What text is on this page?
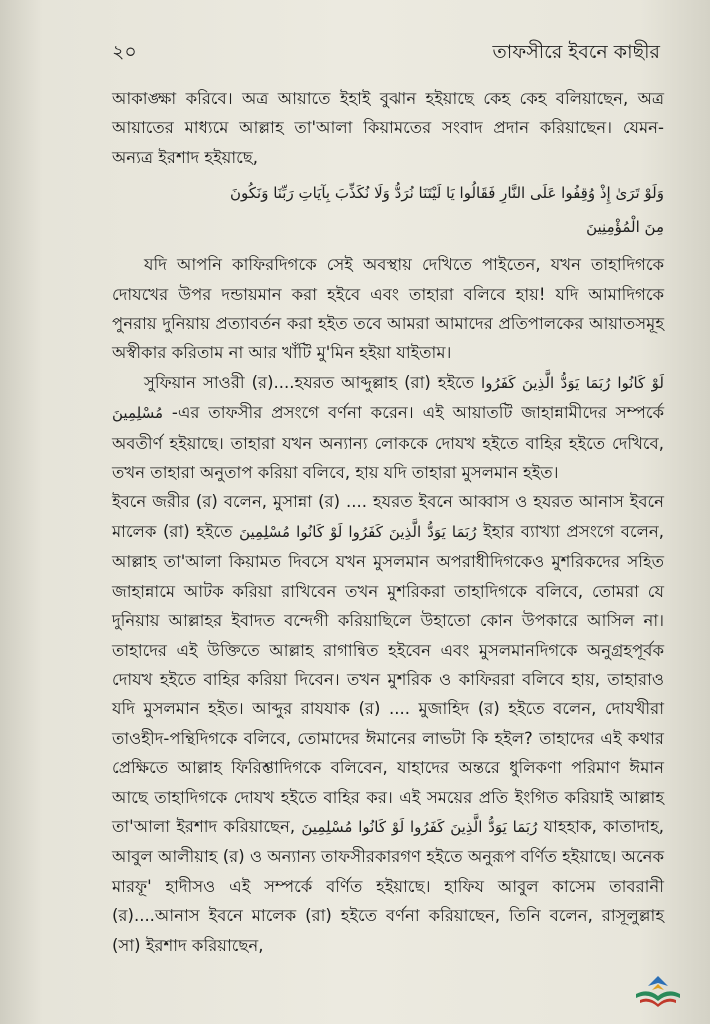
২০	তাফসীরে ইবনে কাছীর

আকাঙ্ক্ষা করিবে। অত্র আয়াতে ইহাই বুঝান হইয়াছে কেহ কেহ বলিয়াছেন, অত্র আয়াতের মাধ্যমে আল্লাহ তা'আলা কিয়ামতের সংবাদ প্রদান করিয়াছেন। যেমন- অন্যত্র ইরশাদ হইয়াছে,

وَلَوْ تَرَىٰ إِذْ وُقِفُوا عَلَى النَّارِ فَقَالُوا يَا لَيْتَنَا نُرَدُّ وَلَا نُكَذِّبَ بِآيَاتِ رَبِّنَا وَنَكُونَ
مِنَ الْمُؤْمِنِينَ

যদি আপনি কাফিরদিগকে সেই অবস্থায় দেখিতে পাইতেন, যখন তাহাদিগকে দোযখের উপর দন্ডায়মান করা হইবে এবং তাহারা বলিবে হায়! যদি আমাদিগকে পুনরায় দুনিয়ায় প্রত্যাবর্তন করা হইত তবে আমরা আমাদের প্রতিপালকের আয়াতসমূহ অস্বীকার করিতাম না আর খাঁটি মু'মিন হইয়া যাইতাম।

সুফিয়ান সাওরী (র)....হযরত আব্দুল্লাহ (রা) হইতে رُبَمَا يَوَدُّ الَّذِينَ كَفَرُوا لَوْ كَانُوا مُسْلِمِينَ -এর তাফসীর প্রসংগে বর্ণনা করেন। এই আয়াতটি জাহান্নামীদের সম্পর্কে অবতীর্ণ হইয়াছে। তাহারা যখন অন্যান্য লোককে দোযখ হইতে বাহির হইতে দেখিবে, তখন তাহারা অনুতাপ করিয়া বলিবে, হায় যদি তাহারা মুসলমান হইত।

ইবনে জরীর (র) বলেন, মুসান্না (র) .... হযরত ইবনে আব্বাস ও হযরত আনাস ইবনে মালেক (রা) হইতে رُبَمَا يَوَدُّ الَّذِينَ كَفَرُوا لَوْ كَانُوا مُسْلِمِينَ ইহার ব্যাখ্যা প্রসংগে বলেন, আল্লাহ তা'আলা কিয়ামত দিবসে যখন মুসলমান অপরাধীদিগকেও মুশরিকদের সহিত জাহান্নামে আটক করিয়া রাখিবেন তখন মুশরিকরা তাহাদিগকে বলিবে, তোমরা যে দুনিয়ায় আল্লাহর ইবাদত বন্দেগী করিয়াছিলে উহাতো কোন উপকারে আসিল না। তাহাদের এই উক্তিতে আল্লাহ রাগান্বিত হইবেন এবং মুসলমানদিগকে অনুগ্রহপূর্বক দোযখ হইতে বাহির করিয়া দিবেন। তখন মুশরিক ও কাফিররা বলিবে হায়, তাহারাও যদি মুসলমান হইত। আব্দুর রাযযাক (র) .... মুজাহিদ (র) হইতে বলেন, দোযখীরা তাওহীদ-পন্থিদিগকে বলিবে, তোমাদের ঈমানের লাভটা কি হইল? তাহাদের এই কথার প্রেক্ষিতে আল্লাহ ফিরিশ্তাদিগকে বলিবেন, যাহাদের অন্তরে ধুলিকণা পরিমাণ ঈমান আছে তাহাদিগকে দোযখ হইতে বাহির কর। এই সময়ের প্রতি ইংগিত করিয়াই আল্লাহ তা'আলা ইরশাদ করিয়াছেন, رُبَمَا يَوَدُّ الَّذِينَ كَفَرُوا لَوْ كَانُوا مُسْلِمِينَ যাহহাক, কাতাদাহ, আবুল আলীয়াহ (র) ও অন্যান্য তাফসীরকারগণ হইতে অনুরূপ বর্ণিত হইয়াছে। অনেক মারফূ' হাদীসও এই সম্পর্কে বর্ণিত হইয়াছে। হাফিয আবুল কাসেম তাবরানী (র)....আনাস ইবনে মালেক (রা) হইতে বর্ণনা করিয়াছেন, তিনি বলেন, রাসূলুল্লাহ (সা) ইরশাদ করিয়াছেন,
